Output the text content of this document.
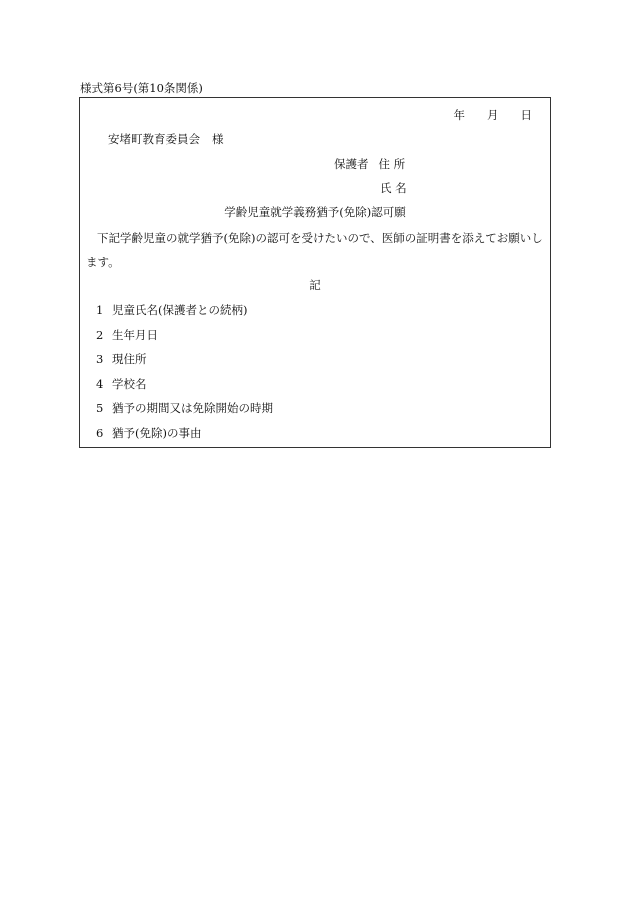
様式第6号(第10条関係)
年 月 日
安堵町教育委員会 様
保護者 住 所
氏 名
学齢児童就学義務猶予(免除)認可願
下記学齢児童の就学猶予(免除)の認可を受けたいので、医師の証明書を添えてお願いします。
記
1 児童氏名(保護者との続柄)
2 生年月日
3 現住所
4 学校名
5 猶予の期間又は免除開始の時期
6 猶予(免除)の事由
